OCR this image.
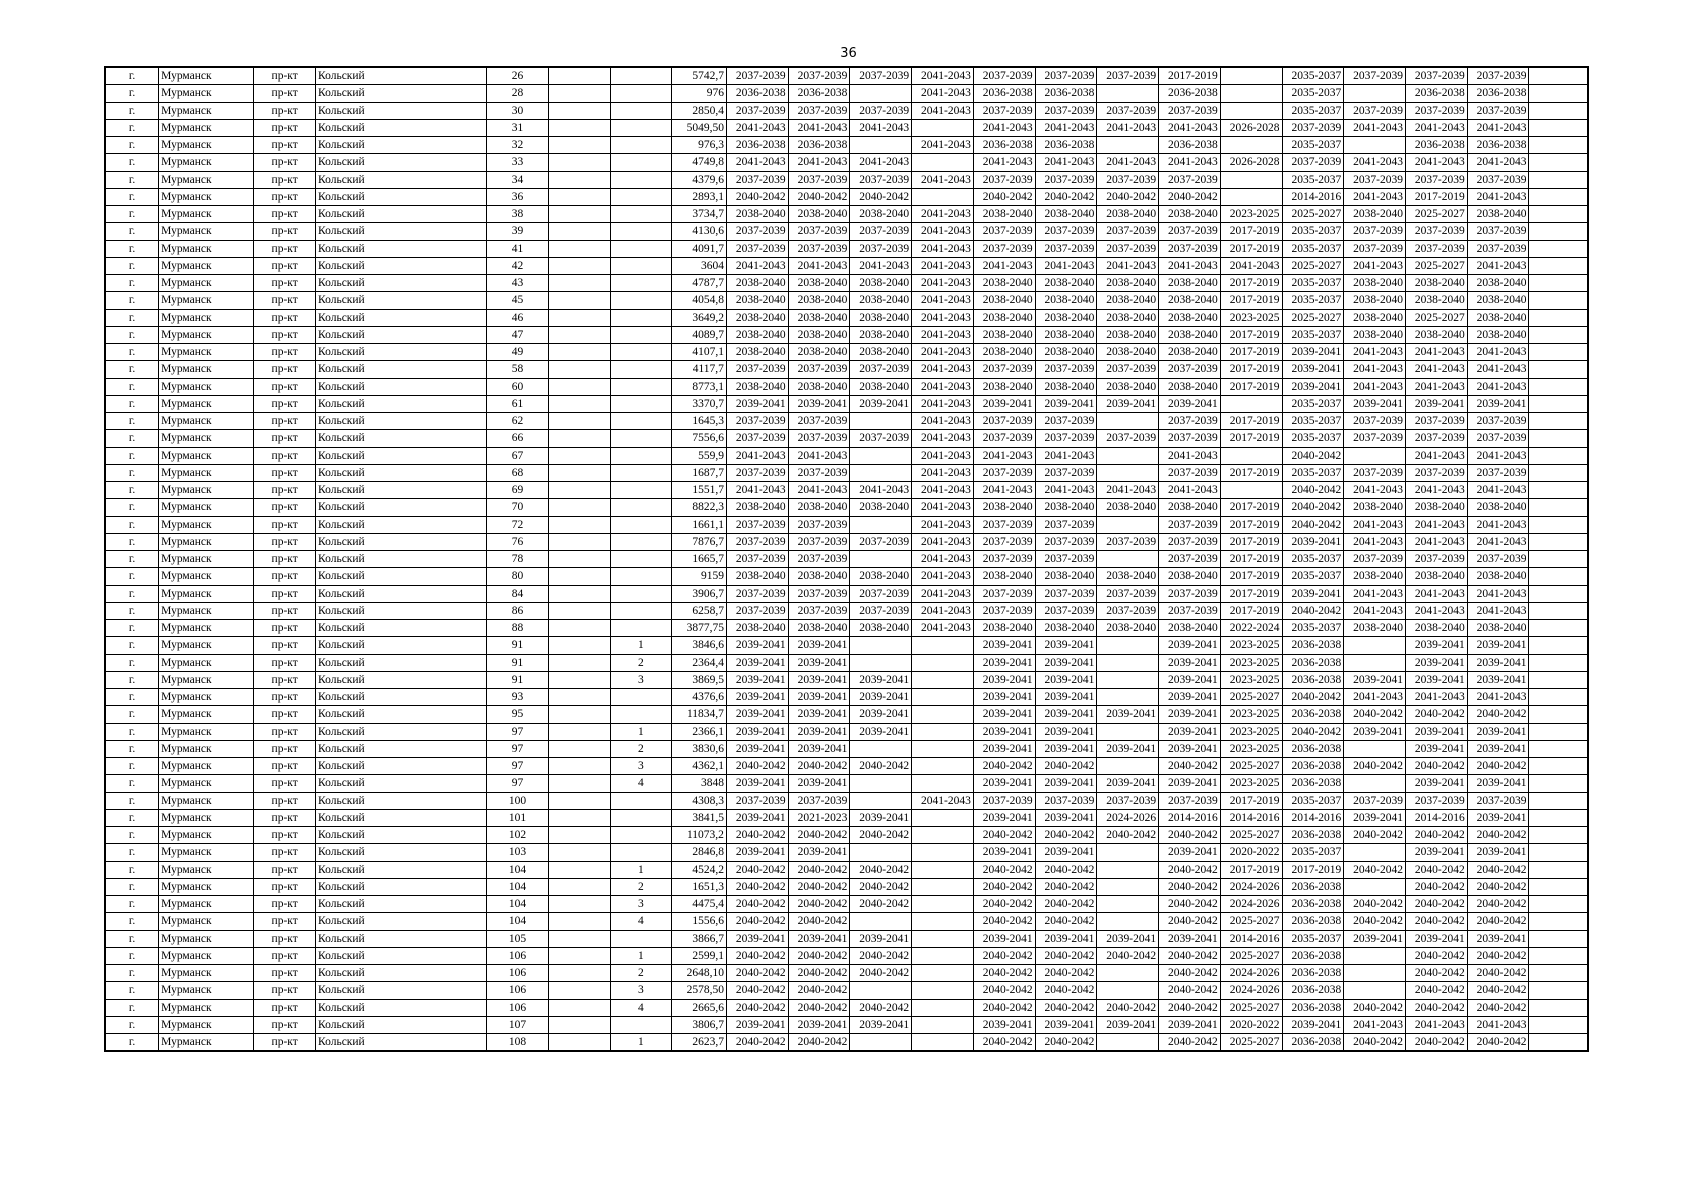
36
г.	Мурманск	пр-кт	Кольский	26			5742,7	2037-2039	2037-2039	2037-2039	2041-2043	2037-2039	2037-2039	2037-2039	2017-2019		2035-2037	2037-2039	2037-2039	2037-2039	
г.	Мурманск	пр-кт	Кольский	28			976	2036-2038	2036-2038		2041-2043	2036-2038	2036-2038		2036-2038		2035-2037		2036-2038	2036-2038	
г.	Мурманск	пр-кт	Кольский	30			2850,4	2037-2039	2037-2039	2037-2039	2041-2043	2037-2039	2037-2039	2037-2039	2037-2039		2035-2037	2037-2039	2037-2039	2037-2039	
г.	Мурманск	пр-кт	Кольский	31			5049,50	2041-2043	2041-2043	2041-2043		2041-2043	2041-2043	2041-2043	2041-2043	2026-2028	2037-2039	2041-2043	2041-2043	2041-2043	
г.	Мурманск	пр-кт	Кольский	32			976,3	2036-2038	2036-2038		2041-2043	2036-2038	2036-2038		2036-2038		2035-2037		2036-2038	2036-2038	
г.	Мурманск	пр-кт	Кольский	33			4749,8	2041-2043	2041-2043	2041-2043		2041-2043	2041-2043	2041-2043	2041-2043	2026-2028	2037-2039	2041-2043	2041-2043	2041-2043	
г.	Мурманск	пр-кт	Кольский	34			4379,6	2037-2039	2037-2039	2037-2039	2041-2043	2037-2039	2037-2039	2037-2039	2037-2039		2035-2037	2037-2039	2037-2039	2037-2039	
г.	Мурманск	пр-кт	Кольский	36			2893,1	2040-2042	2040-2042	2040-2042		2040-2042	2040-2042	2040-2042	2040-2042		2014-2016	2041-2043	2017-2019	2041-2043	
г.	Мурманск	пр-кт	Кольский	38			3734,7	2038-2040	2038-2040	2038-2040	2041-2043	2038-2040	2038-2040	2038-2040	2038-2040	2023-2025	2025-2027	2038-2040	2025-2027	2038-2040	
г.	Мурманск	пр-кт	Кольский	39			4130,6	2037-2039	2037-2039	2037-2039	2041-2043	2037-2039	2037-2039	2037-2039	2037-2039	2017-2019	2035-2037	2037-2039	2037-2039	2037-2039	
г.	Мурманск	пр-кт	Кольский	41			4091,7	2037-2039	2037-2039	2037-2039	2041-2043	2037-2039	2037-2039	2037-2039	2037-2039	2017-2019	2035-2037	2037-2039	2037-2039	2037-2039	
г.	Мурманск	пр-кт	Кольский	42			3604	2041-2043	2041-2043	2041-2043	2041-2043	2041-2043	2041-2043	2041-2043	2041-2043	2041-2043	2025-2027	2041-2043	2025-2027	2041-2043	
г.	Мурманск	пр-кт	Кольский	43			4787,7	2038-2040	2038-2040	2038-2040	2041-2043	2038-2040	2038-2040	2038-2040	2038-2040	2017-2019	2035-2037	2038-2040	2038-2040	2038-2040	
г.	Мурманск	пр-кт	Кольский	45			4054,8	2038-2040	2038-2040	2038-2040	2041-2043	2038-2040	2038-2040	2038-2040	2038-2040	2017-2019	2035-2037	2038-2040	2038-2040	2038-2040	
г.	Мурманск	пр-кт	Кольский	46			3649,2	2038-2040	2038-2040	2038-2040	2041-2043	2038-2040	2038-2040	2038-2040	2038-2040	2023-2025	2025-2027	2038-2040	2025-2027	2038-2040	
г.	Мурманск	пр-кт	Кольский	47			4089,7	2038-2040	2038-2040	2038-2040	2041-2043	2038-2040	2038-2040	2038-2040	2038-2040	2017-2019	2035-2037	2038-2040	2038-2040	2038-2040	
г.	Мурманск	пр-кт	Кольский	49			4107,1	2038-2040	2038-2040	2038-2040	2041-2043	2038-2040	2038-2040	2038-2040	2038-2040	2017-2019	2039-2041	2041-2043	2041-2043	2041-2043	
г.	Мурманск	пр-кт	Кольский	58			4117,7	2037-2039	2037-2039	2037-2039	2041-2043	2037-2039	2037-2039	2037-2039	2037-2039	2017-2019	2039-2041	2041-2043	2041-2043	2041-2043	
г.	Мурманск	пр-кт	Кольский	60			8773,1	2038-2040	2038-2040	2038-2040	2041-2043	2038-2040	2038-2040	2038-2040	2038-2040	2017-2019	2039-2041	2041-2043	2041-2043	2041-2043	
г.	Мурманск	пр-кт	Кольский	61			3370,7	2039-2041	2039-2041	2039-2041	2041-2043	2039-2041	2039-2041	2039-2041	2039-2041		2035-2037	2039-2041	2039-2041	2039-2041	
г.	Мурманск	пр-кт	Кольский	62			1645,3	2037-2039	2037-2039		2041-2043	2037-2039	2037-2039		2037-2039	2017-2019	2035-2037	2037-2039	2037-2039	2037-2039	
г.	Мурманск	пр-кт	Кольский	66			7556,6	2037-2039	2037-2039	2037-2039	2041-2043	2037-2039	2037-2039	2037-2039	2037-2039	2017-2019	2035-2037	2037-2039	2037-2039	2037-2039	
г.	Мурманск	пр-кт	Кольский	67			559,9	2041-2043	2041-2043		2041-2043	2041-2043	2041-2043		2041-2043		2040-2042		2041-2043	2041-2043	
г.	Мурманск	пр-кт	Кольский	68			1687,7	2037-2039	2037-2039		2041-2043	2037-2039	2037-2039		2037-2039	2017-2019	2035-2037	2037-2039	2037-2039	2037-2039	
г.	Мурманск	пр-кт	Кольский	69			1551,7	2041-2043	2041-2043	2041-2043	2041-2043	2041-2043	2041-2043	2041-2043	2041-2043		2040-2042	2041-2043	2041-2043	2041-2043	
г.	Мурманск	пр-кт	Кольский	70			8822,3	2038-2040	2038-2040	2038-2040	2041-2043	2038-2040	2038-2040	2038-2040	2038-2040	2017-2019	2040-2042	2038-2040	2038-2040	2038-2040	
г.	Мурманск	пр-кт	Кольский	72			1661,1	2037-2039	2037-2039		2041-2043	2037-2039	2037-2039		2037-2039	2017-2019	2040-2042	2041-2043	2041-2043	2041-2043	
г.	Мурманск	пр-кт	Кольский	76			7876,7	2037-2039	2037-2039	2037-2039	2041-2043	2037-2039	2037-2039	2037-2039	2037-2039	2017-2019	2039-2041	2041-2043	2041-2043	2041-2043	
г.	Мурманск	пр-кт	Кольский	78			1665,7	2037-2039	2037-2039		2041-2043	2037-2039	2037-2039		2037-2039	2017-2019	2035-2037	2037-2039	2037-2039	2037-2039	
г.	Мурманск	пр-кт	Кольский	80			9159	2038-2040	2038-2040	2038-2040	2041-2043	2038-2040	2038-2040	2038-2040	2038-2040	2017-2019	2035-2037	2038-2040	2038-2040	2038-2040	
г.	Мурманск	пр-кт	Кольский	84			3906,7	2037-2039	2037-2039	2037-2039	2041-2043	2037-2039	2037-2039	2037-2039	2037-2039	2017-2019	2039-2041	2041-2043	2041-2043	2041-2043	
г.	Мурманск	пр-кт	Кольский	86			6258,7	2037-2039	2037-2039	2037-2039	2041-2043	2037-2039	2037-2039	2037-2039	2037-2039	2017-2019	2040-2042	2041-2043	2041-2043	2041-2043	
г.	Мурманск	пр-кт	Кольский	88			3877,75	2038-2040	2038-2040	2038-2040	2041-2043	2038-2040	2038-2040	2038-2040	2038-2040	2022-2024	2035-2037	2038-2040	2038-2040	2038-2040	
г.	Мурманск	пр-кт	Кольский	91		1	3846,6	2039-2041	2039-2041			2039-2041	2039-2041		2039-2041	2023-2025	2036-2038		2039-2041	2039-2041	
г.	Мурманск	пр-кт	Кольский	91		2	2364,4	2039-2041	2039-2041			2039-2041	2039-2041		2039-2041	2023-2025	2036-2038		2039-2041	2039-2041	
г.	Мурманск	пр-кт	Кольский	91		3	3869,5	2039-2041	2039-2041	2039-2041		2039-2041	2039-2041		2039-2041	2023-2025	2036-2038	2039-2041	2039-2041	2039-2041	
г.	Мурманск	пр-кт	Кольский	93			4376,6	2039-2041	2039-2041	2039-2041		2039-2041	2039-2041		2039-2041	2025-2027	2040-2042	2041-2043	2041-2043	2041-2043	
г.	Мурманск	пр-кт	Кольский	95			11834,7	2039-2041	2039-2041	2039-2041		2039-2041	2039-2041	2039-2041	2039-2041	2023-2025	2036-2038	2040-2042	2040-2042	2040-2042	
г.	Мурманск	пр-кт	Кольский	97		1	2366,1	2039-2041	2039-2041	2039-2041		2039-2041	2039-2041		2039-2041	2023-2025	2040-2042	2039-2041	2039-2041	2039-2041	
г.	Мурманск	пр-кт	Кольский	97		2	3830,6	2039-2041	2039-2041			2039-2041	2039-2041	2039-2041	2039-2041	2023-2025	2036-2038		2039-2041	2039-2041	
г.	Мурманск	пр-кт	Кольский	97		3	4362,1	2040-2042	2040-2042	2040-2042		2040-2042	2040-2042		2040-2042	2025-2027	2036-2038	2040-2042	2040-2042	2040-2042	
г.	Мурманск	пр-кт	Кольский	97		4	3848	2039-2041	2039-2041			2039-2041	2039-2041	2039-2041	2039-2041	2023-2025	2036-2038		2039-2041	2039-2041	
г.	Мурманск	пр-кт	Кольский	100			4308,3	2037-2039	2037-2039		2041-2043	2037-2039	2037-2039	2037-2039	2037-2039	2017-2019	2035-2037	2037-2039	2037-2039	2037-2039	
г.	Мурманск	пр-кт	Кольский	101			3841,5	2039-2041	2021-2023	2039-2041		2039-2041	2039-2041	2024-2026	2014-2016	2014-2016	2014-2016	2039-2041	2014-2016	2039-2041	
г.	Мурманск	пр-кт	Кольский	102			11073,2	2040-2042	2040-2042	2040-2042		2040-2042	2040-2042	2040-2042	2040-2042	2025-2027	2036-2038	2040-2042	2040-2042	2040-2042	
г.	Мурманск	пр-кт	Кольский	103			2846,8	2039-2041	2039-2041			2039-2041	2039-2041		2039-2041	2020-2022	2035-2037		2039-2041	2039-2041	
г.	Мурманск	пр-кт	Кольский	104		1	4524,2	2040-2042	2040-2042	2040-2042		2040-2042	2040-2042		2040-2042	2017-2019	2017-2019	2040-2042	2040-2042	2040-2042	
г.	Мурманск	пр-кт	Кольский	104		2	1651,3	2040-2042	2040-2042	2040-2042		2040-2042	2040-2042		2040-2042	2024-2026	2036-2038		2040-2042	2040-2042	
г.	Мурманск	пр-кт	Кольский	104		3	4475,4	2040-2042	2040-2042	2040-2042		2040-2042	2040-2042		2040-2042	2024-2026	2036-2038	2040-2042	2040-2042	2040-2042	
г.	Мурманск	пр-кт	Кольский	104		4	1556,6	2040-2042	2040-2042			2040-2042	2040-2042		2040-2042	2025-2027	2036-2038	2040-2042	2040-2042	2040-2042	
г.	Мурманск	пр-кт	Кольский	105			3866,7	2039-2041	2039-2041	2039-2041		2039-2041	2039-2041	2039-2041	2039-2041	2014-2016	2035-2037	2039-2041	2039-2041	2039-2041	
г.	Мурманск	пр-кт	Кольский	106		1	2599,1	2040-2042	2040-2042	2040-2042		2040-2042	2040-2042	2040-2042	2040-2042	2025-2027	2036-2038		2040-2042	2040-2042	
г.	Мурманск	пр-кт	Кольский	106		2	2648,10	2040-2042	2040-2042	2040-2042		2040-2042	2040-2042		2040-2042	2024-2026	2036-2038		2040-2042	2040-2042	
г.	Мурманск	пр-кт	Кольский	106		3	2578,50	2040-2042	2040-2042			2040-2042	2040-2042		2040-2042	2024-2026	2036-2038		2040-2042	2040-2042	
г.	Мурманск	пр-кт	Кольский	106		4	2665,6	2040-2042	2040-2042	2040-2042		2040-2042	2040-2042	2040-2042	2040-2042	2025-2027	2036-2038	2040-2042	2040-2042	2040-2042	
г.	Мурманск	пр-кт	Кольский	107			3806,7	2039-2041	2039-2041	2039-2041		2039-2041	2039-2041	2039-2041	2039-2041	2020-2022	2039-2041	2041-2043	2041-2043	2041-2043	
г.	Мурманск	пр-кт	Кольский	108		1	2623,7	2040-2042	2040-2042			2040-2042	2040-2042		2040-2042	2025-2027	2036-2038	2040-2042	2040-2042	2040-2042	
